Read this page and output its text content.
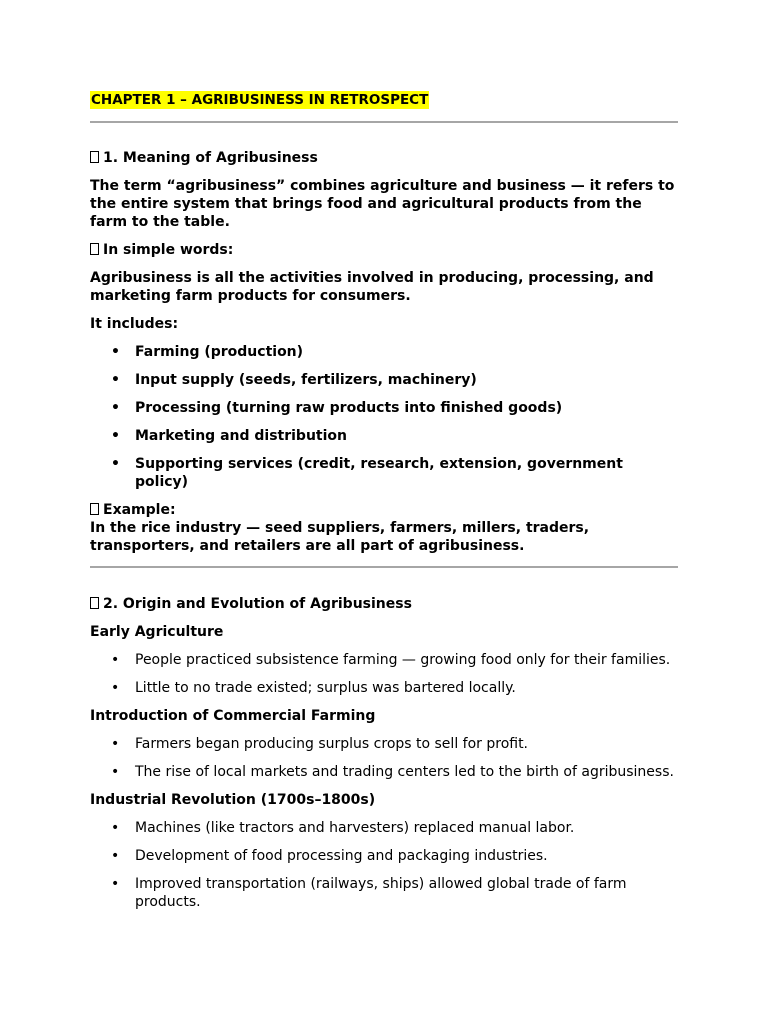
CHAPTER 1 – AGRIBUSINESS IN RETROSPECT
1. Meaning of Agribusiness
The term “agribusiness” combines agriculture and business — it refers to the entire system that brings food and agricultural products from the farm to the table.
In simple words:
Agribusiness is all the activities involved in producing, processing, and marketing farm products for consumers.
It includes:
• Farming (production)
• Input supply (seeds, fertilizers, machinery)
• Processing (turning raw products into finished goods)
• Marketing and distribution
• Supporting services (credit, research, extension, government policy)
Example:
In the rice industry — seed suppliers, farmers, millers, traders, transporters, and retailers are all part of agribusiness.
2. Origin and Evolution of Agribusiness
Early Agriculture
• People practiced subsistence farming — growing food only for their families.
• Little to no trade existed; surplus was bartered locally.
Introduction of Commercial Farming
• Farmers began producing surplus crops to sell for profit.
• The rise of local markets and trading centers led to the birth of agribusiness.
Industrial Revolution (1700s–1800s)
• Machines (like tractors and harvesters) replaced manual labor.
• Development of food processing and packaging industries.
• Improved transportation (railways, ships) allowed global trade of farm products.
